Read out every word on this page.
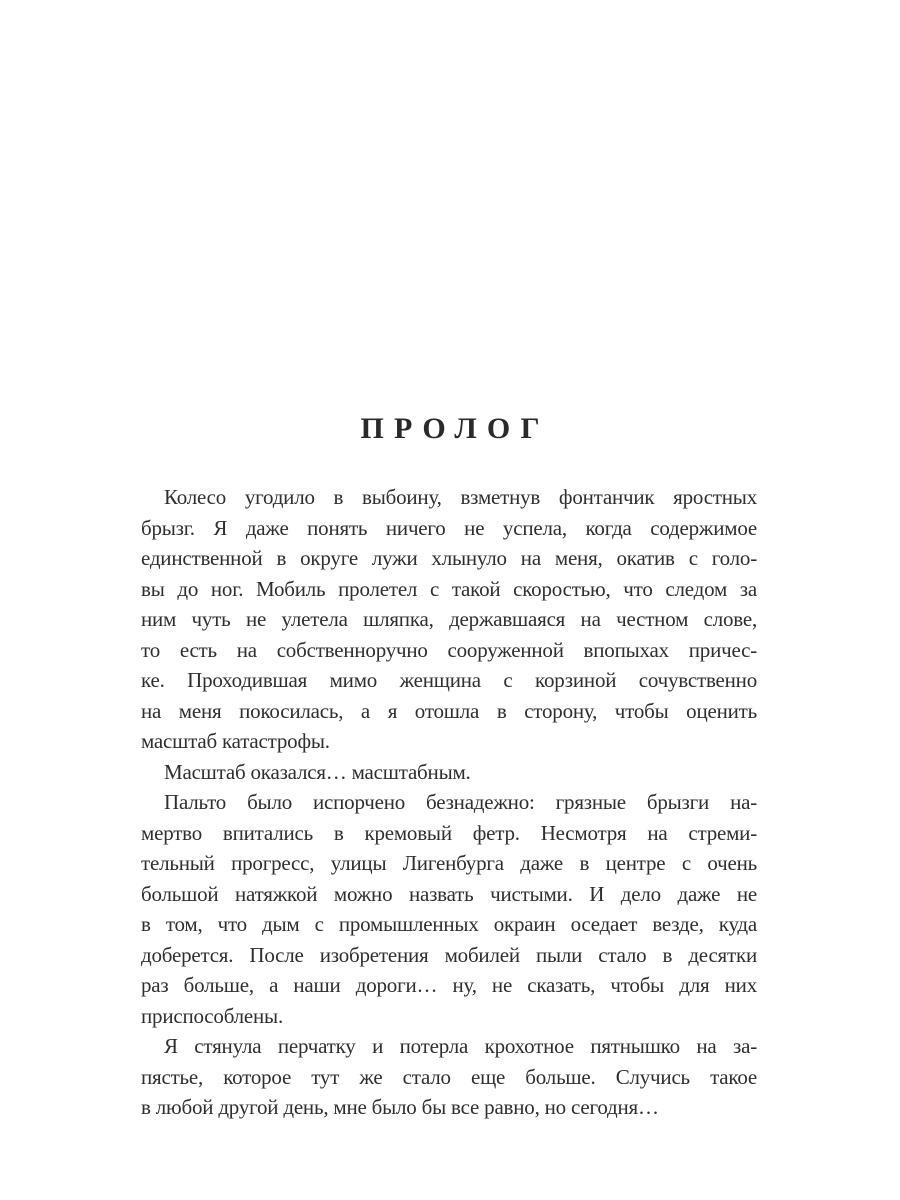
ПРОЛОГ
Колесо угодило в выбоину, взметнув фонтанчик яростных
брызг. Я даже понять ничего не успела, когда содержимое
единственной в округе лужи хлынуло на меня, окатив с голо-
вы до ног. Мобиль пролетел с такой скоростью, что следом за
ним чуть не улетела шляпка, державшаяся на честном слове,
то есть на собственноручно сооруженной впопыхах причес-
ке. Проходившая мимо женщина с корзиной сочувственно
на меня покосилась, а я отошла в сторону, чтобы оценить
масштаб катастрофы.
Масштаб оказался… масштабным.
Пальто было испорчено безнадежно: грязные брызги на-
мертво впитались в кремовый фетр. Несмотря на стреми-
тельный прогресс, улицы Лигенбурга даже в центре с очень
большой натяжкой можно назвать чистыми. И дело даже не
в том, что дым с промышленных окраин оседает везде, куда
доберется. После изобретения мобилей пыли стало в десятки
раз больше, а наши дороги… ну, не сказать, чтобы для них
приспособлены.
Я стянула перчатку и потерла крохотное пятнышко на за-
пястье, которое тут же стало еще больше. Случись такое
в любой другой день, мне было бы все равно, но сегодня…
